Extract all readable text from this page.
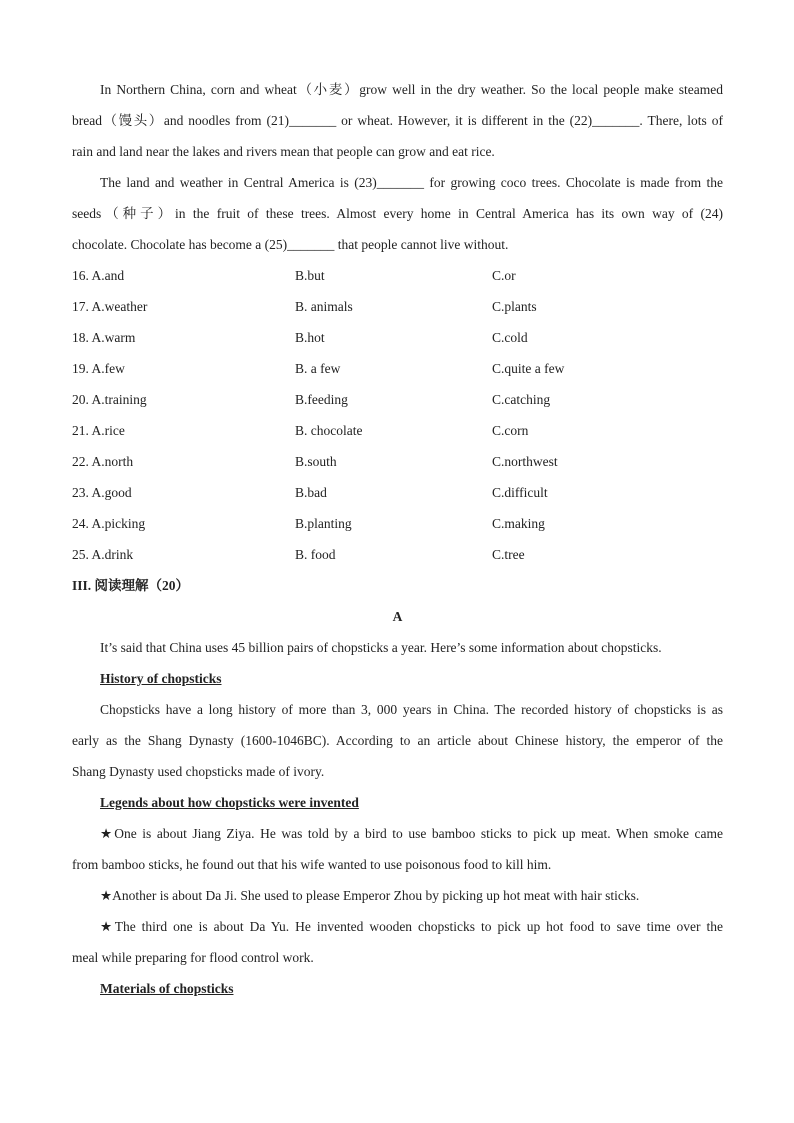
In Northern China, corn and wheat（小麦）grow well in the dry weather. So the local people make steamed

bread（馒头）and noodles from (21)_______ or wheat. However, it is different in the (22)_______. There, lots of

rain and land near the lakes and rivers mean that people can grow and eat rice.

The land and weather in Central America is (23)_______ for growing coco trees. Chocolate is made from the

seeds（种子）in the fruit of these trees. Almost every home in Central America has its own way of (24)

chocolate. Chocolate has become a (25)_______ that people cannot live without.

16. A.and	B.but	C.or
17. A.weather	B. animals	C.plants
18. A.warm	B.hot	C.cold
19. A.few	B. a few	C.quite a few
20. A.training	B.feeding	C.catching
21. A.rice	B. chocolate	C.corn
22. A.north	B.south	C.northwest
23. A.good	B.bad	C.difficult
24. A.picking	B.planting	C.making
25. A.drink	B. food	C.tree
III. 阅读理解（20）
A

It’s said that China uses 45 billion pairs of chopsticks a year. Here’s some information about chopsticks.

History of chopsticks

Chopsticks have a long history of more than 3, 000 years in China. The recorded history of chopsticks is as

early as the Shang Dynasty (1600-1046BC). According to an article about Chinese history, the emperor of the

Shang Dynasty used chopsticks made of ivory.

Legends about how chopsticks were invented

★One is about Jiang Ziya. He was told by a bird to use bamboo sticks to pick up meat. When smoke came

from bamboo sticks, he found out that his wife wanted to use poisonous food to kill him.

★Another is about Da Ji. She used to please Emperor Zhou by picking up hot meat with hair sticks.

★The third one is about Da Yu. He invented wooden chopsticks to pick up hot food to save time over the

meal while preparing for flood control work.

Materials of chopsticks
